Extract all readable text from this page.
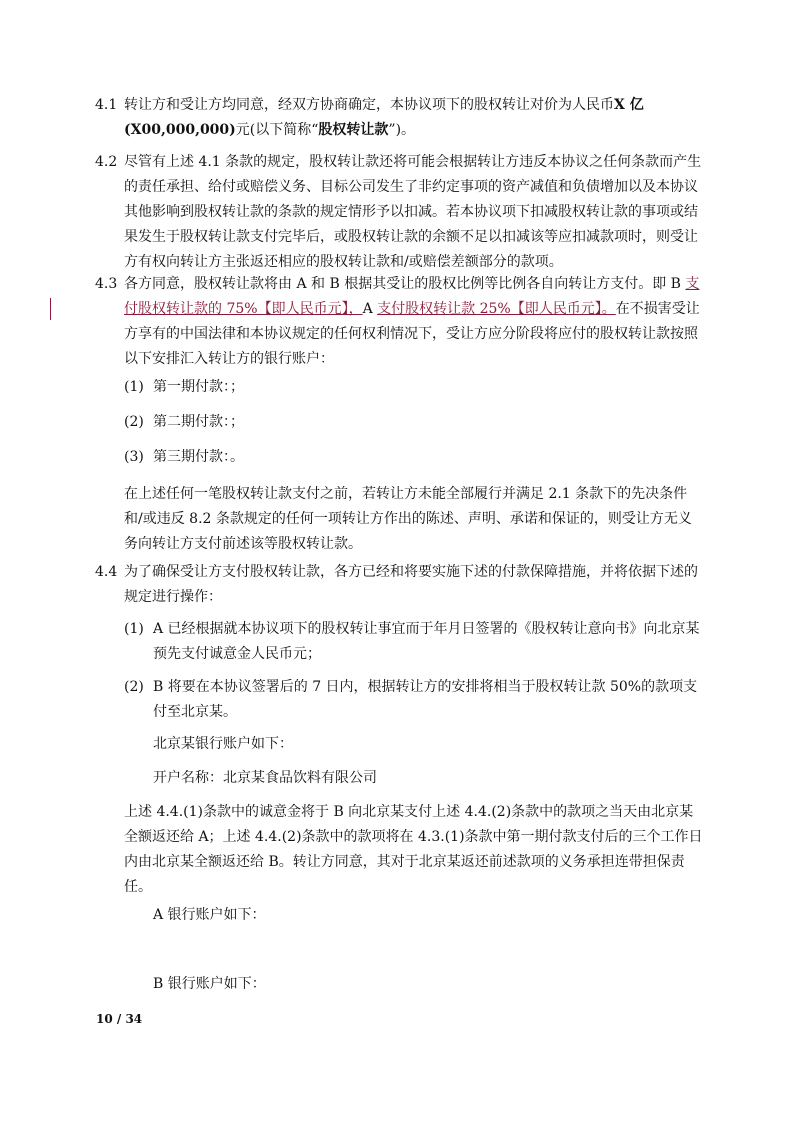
4.1 转让方和受让方均同意，经双方协商确定，本协议项下的股权转让对价为人民币X 亿
(X00,000,000)元(以下简称“股权转让款”)。
4.2 尽管有上述 4.1 条款的规定，股权转让款还将可能会根据转让方违反本协议之任何条款而产生的责任承担、给付或赔偿义务、目标公司发生了非约定事项的资产减值和负债增加以及本协议其他影响到股权转让款的条款的规定情形予以扣减。若本协议项下扣减股权转让款的事项或结果发生于股权转让款支付完毕后，或股权转让款的余额不足以扣减该等应扣减款项时，则受让方有权向转让方主张返还相应的股权转让款和/或赔偿差额部分的款项。
4.3 各方同意，股权转让款将由 A 和 B 根据其受让的股权比例等比例各自向转让方支付。即 B 支付股权转让款的 75%【即人民币元】，A 支付股权转让款 25%【即人民币元】。在不损害受让方享有的中国法律和本协议规定的任何权利情况下，受让方应分阶段将应付的股权转让款按照以下安排汇入转让方的银行账户：
(1) 第一期付款：；
(2) 第二期付款：；
(3) 第三期付款：。
在上述任何一笔股权转让款支付之前，若转让方未能全部履行并满足 2.1 条款下的先决条件和/或违反 8.2 条款规定的任何一项转让方作出的陈述、声明、承诺和保证的，则受让方无义务向转让方支付前述该等股权转让款。
4.4 为了确保受让方支付股权转让款，各方已经和将要实施下述的付款保障措施，并将依据下述的规定进行操作：
(1) A 已经根据就本协议项下的股权转让事宜而于年月日签署的《股权转让意向书》向北京某预先支付诚意金人民币元；
(2) B 将要在本协议签署后的 7 日内，根据转让方的安排将相当于股权转让款 50%的款项支付至北京某。
北京某银行账户如下：
开户名称：北京某食品饮料有限公司
上述 4.4.(1)条款中的诚意金将于 B 向北京某支付上述 4.4.(2)条款中的款项之当天由北京某全额返还给 A；上述 4.4.(2)条款中的款项将在 4.3.(1)条款中第一期付款支付后的三个工作日内由北京某全额返还给 B。转让方同意，其对于北京某返还前述款项的义务承担连带担保责任。
A 银行账户如下：
B 银行账户如下：
10 / 34
